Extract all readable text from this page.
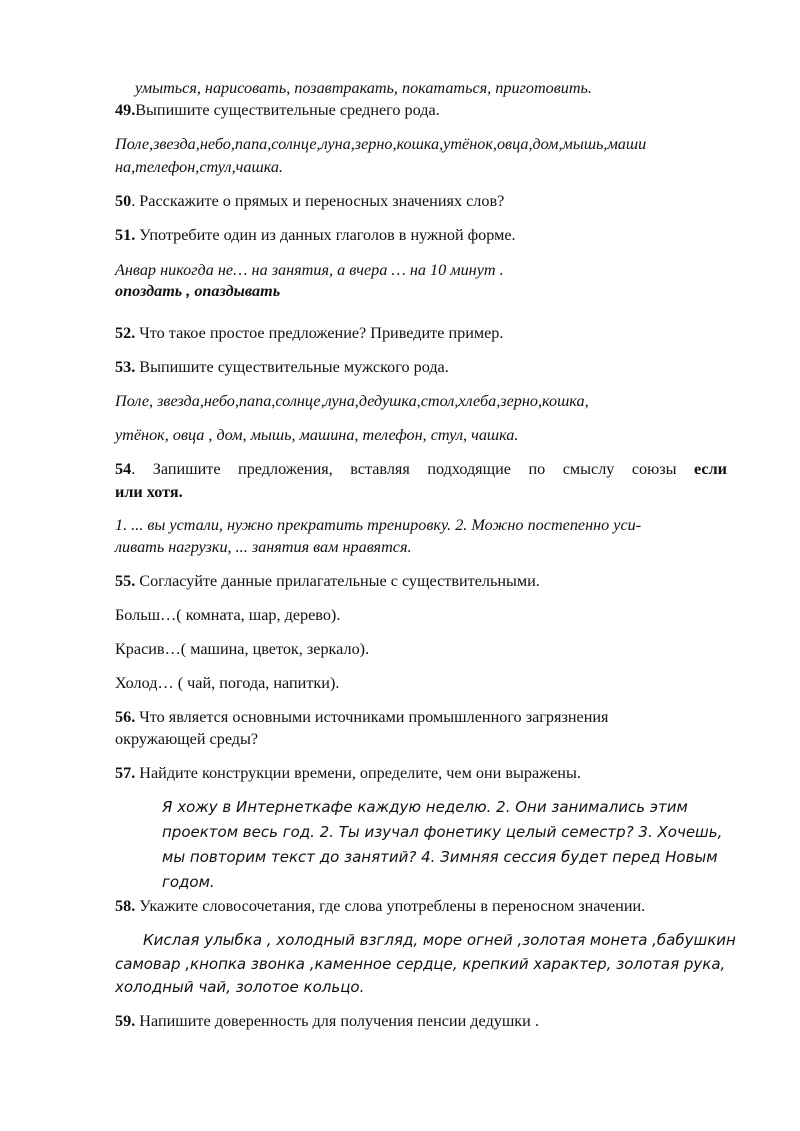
умыться, нарисовать, позавтракать, покататься, приготовить.
49.Выпишите существительные среднего рода.
Поле,звезда,небо,папа,солнце,луна,зерно,кошка,утёнок,овца,дом,мышь,маши
на,телефон,стул,чашка.
50. Расскажите о прямых и переносных значениях слов?
51. Употребите один из данных глаголов в нужной форме.
Анвар никогда не… на занятия, а вчера … на 10 минут .
опоздать , опаздывать
52. Что такое простое предложение? Приведите пример.
53. Выпишите существительные мужского рода.
Поле, звезда,небо,папа,солнце,луна,дедушка,стол,хлеба,зерно,кошка,
утёнок, овца , дом, мышь, машина, телефон, стул, чашка.
54. Запишите предложения, вставляя подходящие по смыслу союзы если
или хотя.
1. ... вы устали, нужно прекратить тренировку. 2. Можно постепенно уси-
ливать нагрузки, ... занятия вам нравятся.
55. Согласуйте данные прилагательные с существительными.
Больш…( комната, шар, дерево).
Красив…( машина, цветок, зеркало).
Холод… ( чай, погода, напитки).
56. Что является основными источниками промышленного загрязнения
окружающей среды?
57. Найдите конструкции времени, определите, чем они выражены.
Я хожу в Интернеткафе каждую неделю. 2. Они занимались этим
проектом весь год. 2. Ты изучал фонетику целый семестр? 3. Хочешь,
мы повторим текст до занятий? 4. Зимняя сессия будет перед Новым
годом.
58. Укажите словосочетания, где слова употреблены в переносном значении.
Кислая улыбка , холодный взгляд, море огней ,золотая монета ,бабушкин
самовар ,кнопка звонка ,каменное сердце, крепкий характер, золотая рука,
холодный чай, золотое кольцо.
59. Напишите доверенность для получения пенсии дедушки .
